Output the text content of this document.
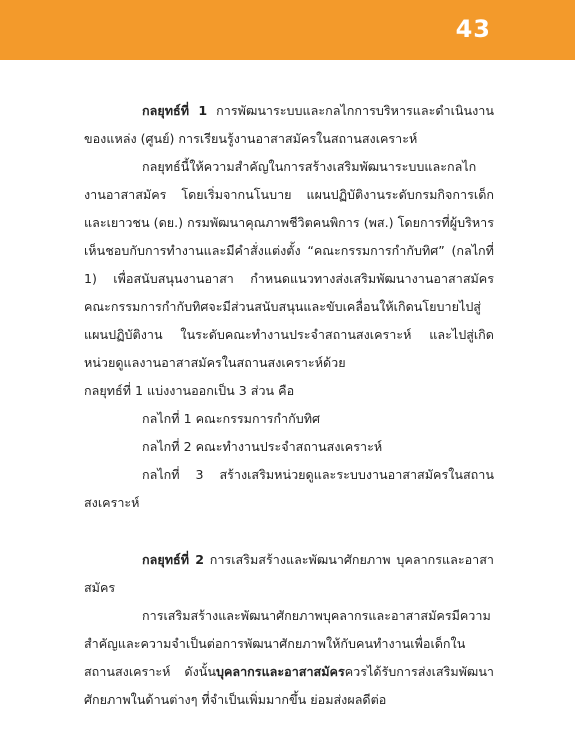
43

กลยุทธ์ที่ 1 การพัฒนาระบบและกลไกการบริหารและดำเนินงานของแหล่ง (ศูนย์) การเรียนรู้งานอาสาสมัครในสถานสงเคราะห์

กลยุทธ์นี้ให้ความสำคัญในการสร้างเสริมพัฒนาระบบและกลไกงานอาสาสมัคร โดยเริ่มจากนโนบาย แผนปฏิบัติงานระดับกรมกิจการเด็กและเยาวชน (ดย.) กรมพัฒนาคุณภาพชีวิตคนพิการ (พส.) โดยการที่ผู้บริหารเห็นชอบกับการทำงานและมีคำสั่งแต่งตั้ง “คณะกรรมการกำกับทิศ” (กลไกที่ 1) เพื่อสนับสนุนงานอาสา กำหนดแนวทางส่งเสริมพัฒนางานอาสาสมัคร คณะกรรมการกำกับทิศจะมีส่วนสนับสนุนและขับเคลื่อนให้เกิดนโยบายไปสู่แผนปฏิบัติงาน ในระดับคณะทำงานประจำสถานสงเคราะห์ และไปสู่เกิดหน่วยดูแลงานอาสาสมัครในสถานสงเคราะห์ด้วย

กลยุทธ์ที่ 1 แบ่งงานออกเป็น 3 ส่วน คือ

กลไกที่ 1 คณะกรรมการกำกับทิศ

กลไกที่ 2 คณะทำงานประจำสถานสงเคราะห์

กลไกที่ 3 สร้างเสริมหน่วยดูและระบบงานอาสาสมัครในสถานสงเคราะห์

กลยุทธ์ที่ 2 การเสริมสร้างและพัฒนาศักยภาพ บุคลากรและอาสาสมัคร

การเสริมสร้างและพัฒนาศักยภาพบุคลากรและอาสาสมัครมีความสำคัญและความจำเป็นต่อการพัฒนาศักยภาพให้กับคนทำงานเพื่อเด็กในสถานสงเคราะห์ ดังนั้นบุคลากรและอาสาสมัครควรได้รับการส่งเสริมพัฒนาศักยภาพในด้านต่างๆ ที่จำเป็นเพิ่มมากขึ้น ย่อมส่งผลดีต่อ
